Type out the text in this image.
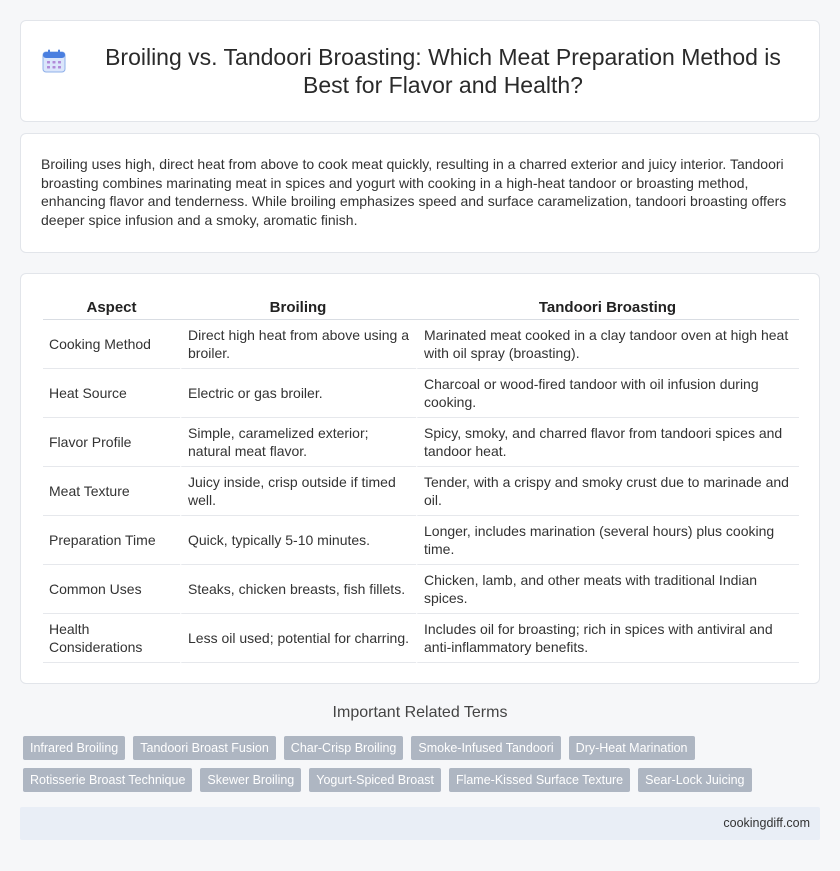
Broiling vs. Tandoori Broasting: Which Meat Preparation Method is Best for Flavor and Health?

Broiling uses high, direct heat from above to cook meat quickly, resulting in a charred exterior and juicy interior. Tandoori broasting combines marinating meat in spices and yogurt with cooking in a high-heat tandoor or broasting method, enhancing flavor and tenderness. While broiling emphasizes speed and surface caramelization, tandoori broasting offers deeper spice infusion and a smoky, aromatic finish.

Aspect	Broiling	Tandoori Broasting
Cooking Method	Direct high heat from above using a broiler.	Marinated meat cooked in a clay tandoor oven at high heat with oil spray (broasting).
Heat Source	Electric or gas broiler.	Charcoal or wood-fired tandoor with oil infusion during cooking.
Flavor Profile	Simple, caramelized exterior; natural meat flavor.	Spicy, smoky, and charred flavor from tandoori spices and tandoor heat.
Meat Texture	Juicy inside, crisp outside if timed well.	Tender, with a crispy and smoky crust due to marinade and oil.
Preparation Time	Quick, typically 5-10 minutes.	Longer, includes marination (several hours) plus cooking time.
Common Uses	Steaks, chicken breasts, fish fillets.	Chicken, lamb, and other meats with traditional Indian spices.
Health Considerations	Less oil used; potential for charring.	Includes oil for broasting; rich in spices with antiviral and anti-inflammatory benefits.
Important Related Terms
Infrared Broiling	Tandoori Broast Fusion	Char-Crisp Broiling	Smoke-Infused Tandoori	Dry-Heat Marination
Rotisserie Broast Technique	Skewer Broiling	Yogurt-Spiced Broast	Flame-Kissed Surface Texture	Sear-Lock Juicing
cookingdiff.com
